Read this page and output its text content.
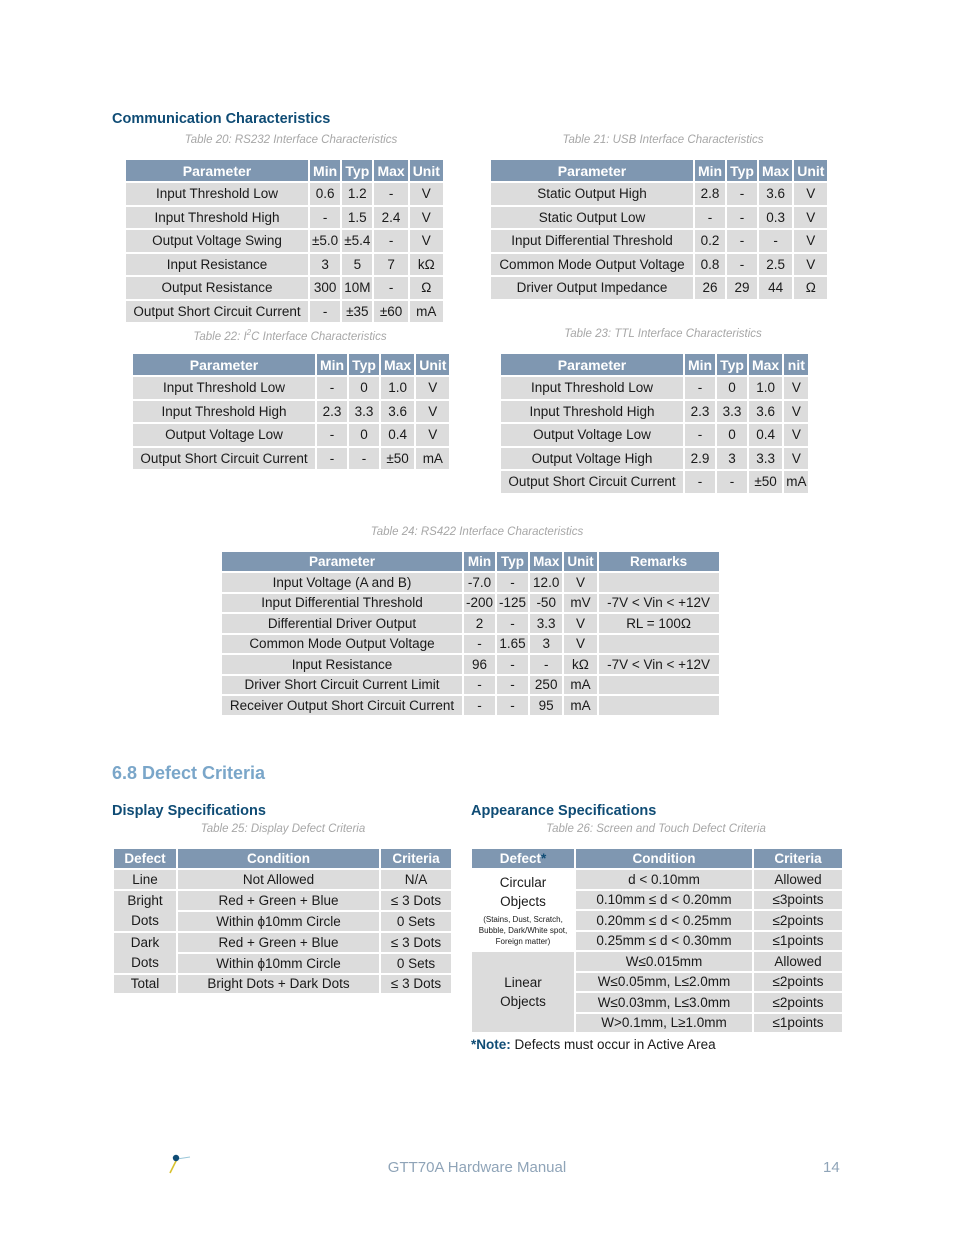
Communication Characteristics
Table 20: RS232 Interface Characteristics
Parameter	Min	Typ	Max	Unit
Input Threshold Low	0.6	1.2	-	V
Input Threshold High	-	1.5	2.4	V
Output Voltage Swing	±5.0	±5.4	-	V
Input Resistance	3	5	7	kΩ
Output Resistance	300	10M	-	Ω
Output Short Circuit Current	-	±35	±60	mA
Table 21: USB Interface Characteristics
Parameter	Min	Typ	Max	Unit
Static Output High	2.8	-	3.6	V
Static Output Low	-	-	0.3	V
Input Differential Threshold	0.2	-	-	V
Common Mode Output Voltage	0.8	-	2.5	V
Driver Output Impedance	26	29	44	Ω
Table 22: $I^2C$ Interface Characteristics
Parameter	Min	Typ	Max	Unit
Input Threshold Low	-	0	1.0	V
Input Threshold High	2.3	3.3	3.6	V
Output Voltage Low	-	0	0.4	V
Output Short Circuit Current	-	-	±50	mA
Table 23: TTL Interface Characteristics
Parameter	Min	Typ	Max	nit
Input Threshold Low	-	0	1.0	V
Input Threshold High	2.3	3.3	3.6	V
Output Voltage Low	-	0	0.4	V
Output Voltage High	2.9	3	3.3	V
Output Short Circuit Current	-	-	±50	mA
Table 24: RS422 Interface Characteristics
Parameter	Min	Typ	Max	Unit	Remarks
Input Voltage (A and B)	-7.0	-	12.0	V	
Input Differential Threshold	-200	-125	-50	mV	-7V < Vin < +12V
Differential Driver Output	2	-	3.3	V	RL = 100Ω
Common Mode Output Voltage	-	1.65	3	V	
Input Resistance	96	-	-	kΩ	-7V < Vin < +12V
Driver Short Circuit Current Limit	-	-	250	mA	
Receiver Output Short Circuit Current	-	-	95	mA	
6.8 Defect Criteria
Display Specifications
Table 25: Display Defect Criteria
Defect	Condition	Criteria
Line	Not Allowed	N/A
Bright
Dots	Red + Green + Blue	≤ 3 Dots
	Within ϕ10mm Circle	0 Sets
Dark
Dots	Red + Green + Blue	≤ 3 Dots
	Within ϕ10mm Circle	0 Sets
Total	Bright Dots + Dark Dots	≤ 3 Dots
Appearance Specifications
Table 26: Screen and Touch Defect Criteria
Defect*	Condition	Criteria
Circular
Objects
(Stains, Dust, Scratch, Bubble, Dark/White spot, Foreign matter)	d < 0.10mm	Allowed
	0.10mm ≤ d < 0.20mm	≤3points
	0.20mm ≤ d < 0.25mm	≤2points
	0.25mm ≤ d < 0.30mm	≤1points
Linear
Objects	W≤0.015mm	Allowed
	W≤0.05mm, L≤2.0mm	≤2points
	W≤0.03mm, L≤3.0mm	≤2points
	W>0.1mm, L≥1.0mm	≤1points
*Note: Defects must occur in Active Area
GTT70A Hardware Manual	14
